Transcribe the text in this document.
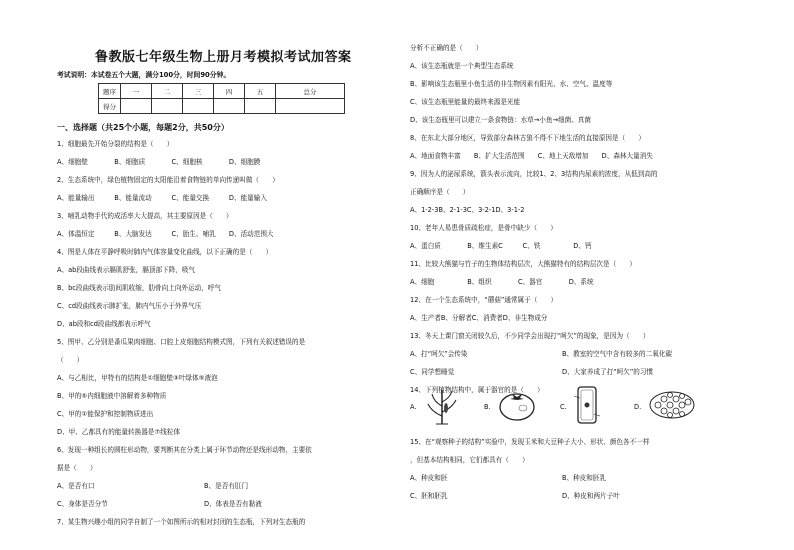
鲁教版七年级生物上册月考模拟考试加答案
考试说明：本试卷五个大题，满分100分，时间90分钟。
题序	一	二	三	四	五	总分
得分						
一、选择题（共25个小题，每题2分，共50分）
1、细胞最先开始分裂的结构是（　　）
A、细胞壁　　　　B、细胞质　　　　C、细胞核　　　　D、细胞膜
2、生态系统中，绿色植物固定的太阳能沿着食物链的单向传递叫做（　　）
A、能量输出　　　B、能量流动　　　C、能量交换　　　D、能量输入
3、哺乳动物手代的成活率大大提高，其主要原因是（　　）
A、体温恒定　　　B、大脑发达　　　C、胎生、哺乳　　D、活动范围大
4、图是人体在平静呼吸时肺内气体容量变化曲线，以下正确的是（　　）
A、ab段曲线表示膈肌舒张，膈顶部下降，吸气
B、bc段曲线表示肋间肌收缩，肋骨向上向外运动，呼气
C、cd段曲线表示肺扩张，肺内气压小于外界气压
D、ab段和cd段曲线都表示呼气
5、图甲、乙分别是番瓜果肉细胞、口腔上皮细胞结构模式图，下列有关叙述错误的是
（　　）
A、与乙相比，甲特有的结构是①细胞壁③叶绿体⑤液泡
B、甲的⑤内细胞液中溶解着多种物质
C、甲的①能保护和控制物质进出
D、甲、乙都具有的能量转换器是⑦线粒体
6、发现一种组长的圆柱形动物，要判断其在分类上属于环节动物还是线形动物，主要依
据是（　　）
A、是否有口	B、是否有肛门
C、身体是否分节	D、体表是否有黏液
7、某生物兴趣小组的同学自制了一个如图所示的相对封闭的生态瓶，下列对生态瓶的
分析不正确的是（　　）
A、该生态瓶就是一个典型生态系统
B、影响该生态瓶里小鱼生活的非生物因素有阳光、水、空气、温度等
C、该生态瓶里能量的最终来源是光能
D、该生态瓶里可以建立一条食物链：水草→小鱼→细菌、真菌
8、在东北大部分地区，导致部分森林古狼不得不下地生活的直接原因是（　　）
A、地面食物丰富　　B、扩大生活范围　　C、地上天敌增加　　D、森林大量消失
9、因为人的泌尿系统，箭头表示流向，比较1、2、3结构内尿素的浓度，从低到高的
正确顺序是（　　）
A、1-2-3B、2-1-3C、3-2-1D、3-1-2
10、老年人易患骨质疏松症，是骨中缺少（　　）
A、蛋白质　　　　B、维生素C　　　C、铁　　　　　D、钙
11、比较大熊猫与竹子的生物体结构层次，大熊猫特有的结构层次是（　　）
A、细胞　　　　　B、组织　　　　C、器官　　　　D、系统
12、在一个生态系统中，“蘑菇”通常属于（　　）
A、生产者B、分解者C、消费者D、非生物成分
13、冬天上课门窗关闭较久后，不少同学会出现打“呵欠”的现象，是因为（　　）
A、打“呵欠”会传染	B、教室的空气中含有较多的二氧化碳
C、同学想睡觉	D、大家养成了打“呵欠”的习惯
14、下列植物结构中，属于器官的是（　　）
A.	B.	C.	D.
15、在“观察种子的结构”实验中，发现玉米和大豆种子大小、形状、颜色各不一样
，但基本结构相同，它们都具有（　　）
A、种皮和胚	B、种皮和胚乳
C、胚和胚乳	D、种皮和两片子叶
